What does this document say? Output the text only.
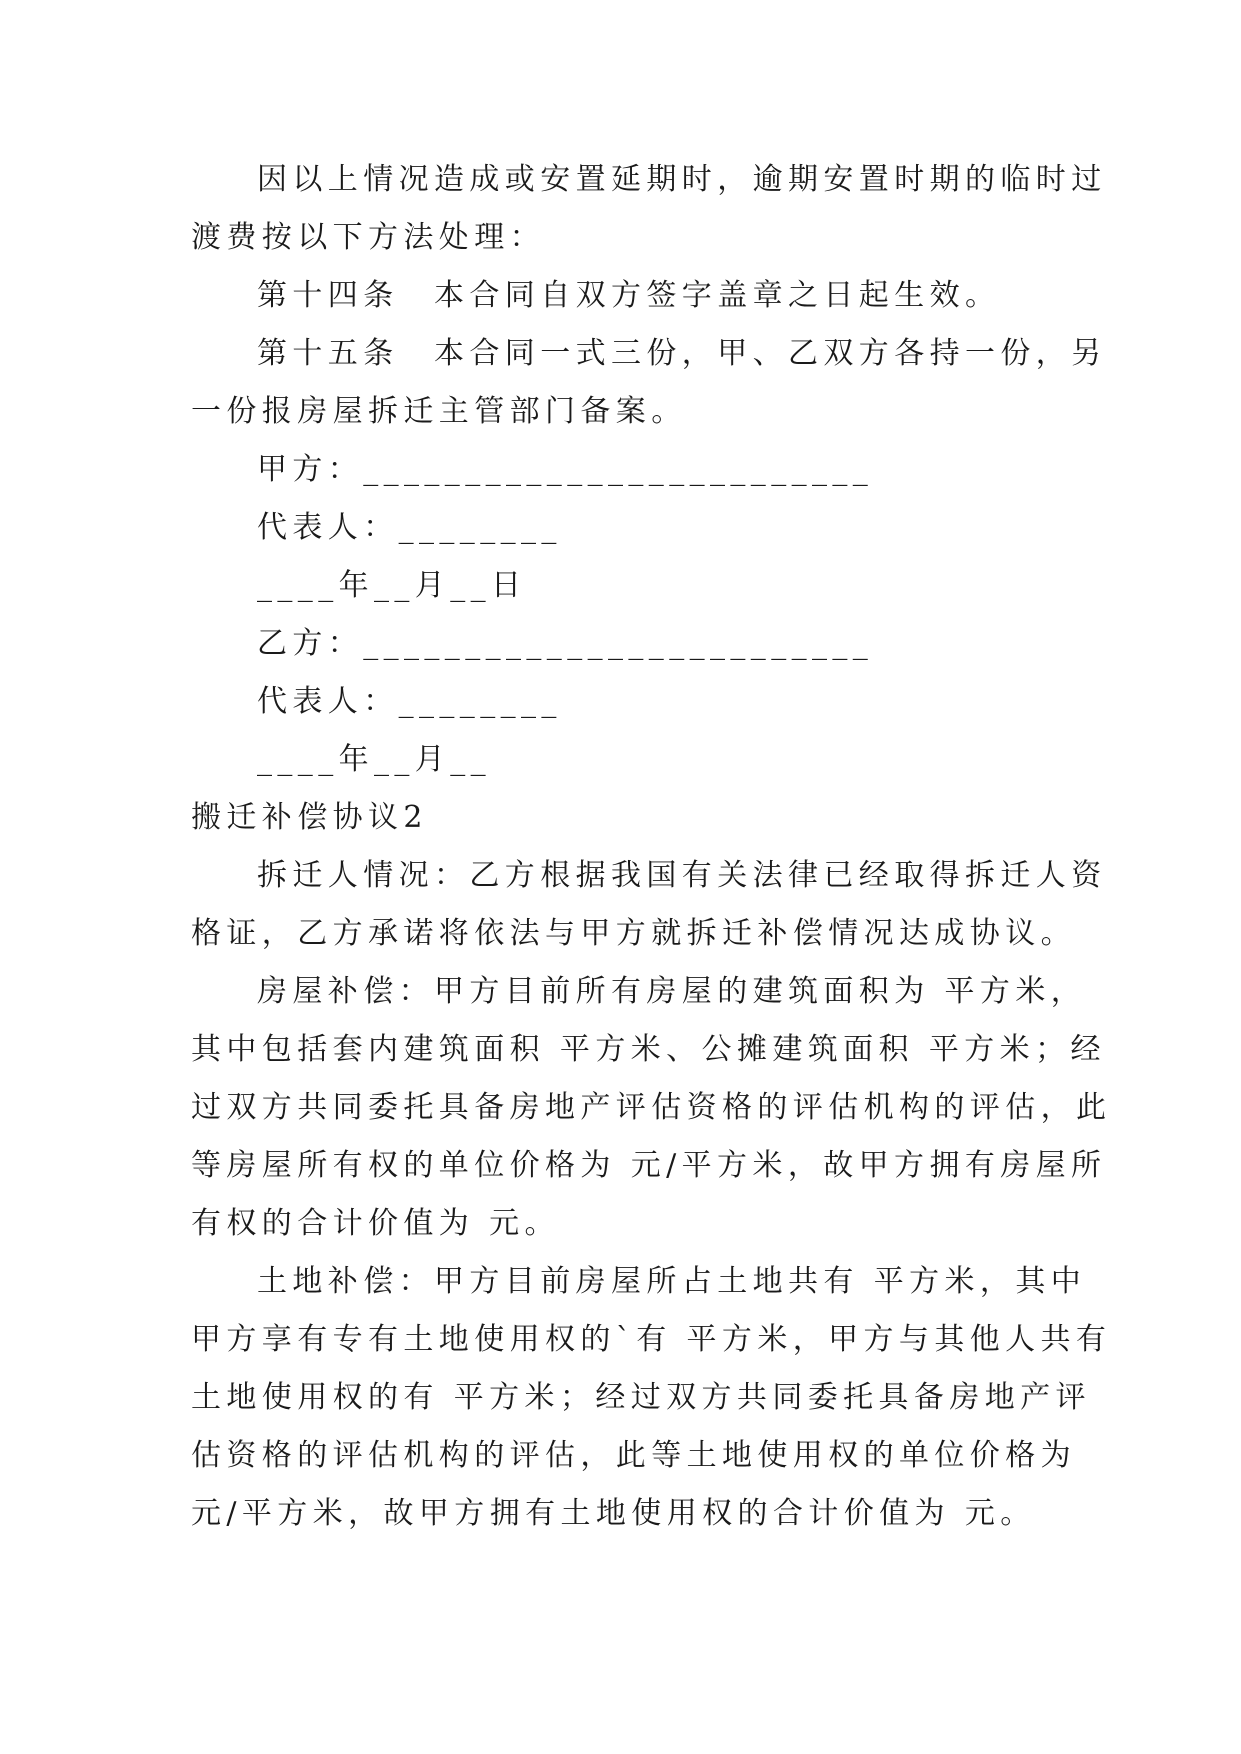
因以上情况造成或安置延期时，逾期安置时期的临时过
渡费按以下方法处理：
第十四条　本合同自双方签字盖章之日起生效。
第十五条　本合同一式三份，甲、乙双方各持一份，另
一份报房屋拆迁主管部门备案。
甲方：_________________________
代表人：________
____年__月__日
乙方：_________________________
代表人：________
____年__月__
搬迁补偿协议2
拆迁人情况：乙方根据我国有关法律已经取得拆迁人资
格证，乙方承诺将依法与甲方就拆迁补偿情况达成协议。
房屋补偿：甲方目前所有房屋的建筑面积为 平方米，
其中包括套内建筑面积 平方米、公摊建筑面积 平方米；经
过双方共同委托具备房地产评估资格的评估机构的评估，此
等房屋所有权的单位价格为 元/平方米，故甲方拥有房屋所
有权的合计价值为 元。
土地补偿：甲方目前房屋所占土地共有 平方米，其中
甲方享有专有土地使用权的`有 平方米，甲方与其他人共有
土地使用权的有 平方米；经过双方共同委托具备房地产评
估资格的评估机构的评估，此等土地使用权的单位价格为
元/平方米，故甲方拥有土地使用权的合计价值为 元。
